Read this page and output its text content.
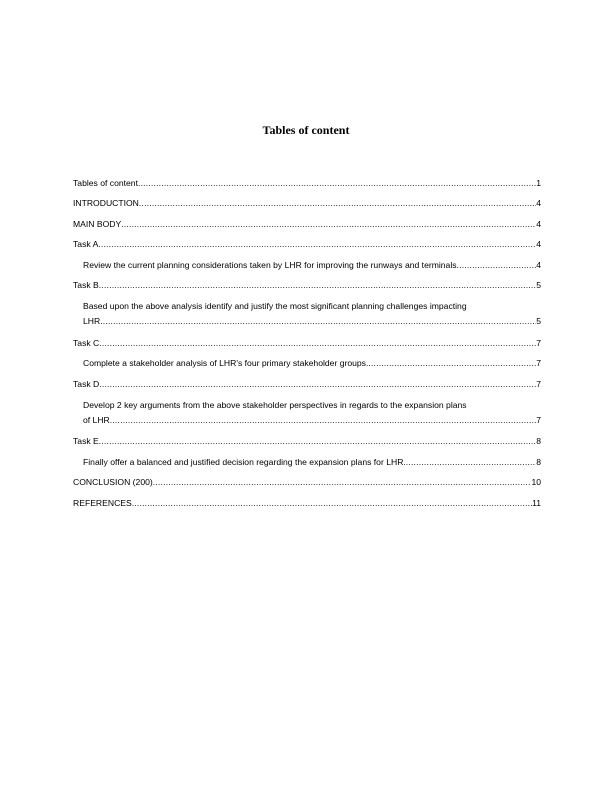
Tables of content
Tables of content .....	1
INTRODUCTION .....	4
MAIN BODY .....	4
Task A .....	4
Review the current planning considerations taken by LHR for improving the runways and terminals .....	4
Task B .....	5
Based upon the above analysis identify and justify the most significant planning challenges impacting
LHR .....	5
Task C .....	7
Complete a stakeholder analysis of LHR's four primary stakeholder groups. .....	7
Task D .....	7
Develop 2 key arguments from the above stakeholder perspectives in regards to the expansion plans
of LHR .....	7
Task E .....	8
Finally offer a balanced and justified decision regarding the expansion plans for LHR. .....	8
CONCLUSION (200) .....	10
REFERENCES .....	11
